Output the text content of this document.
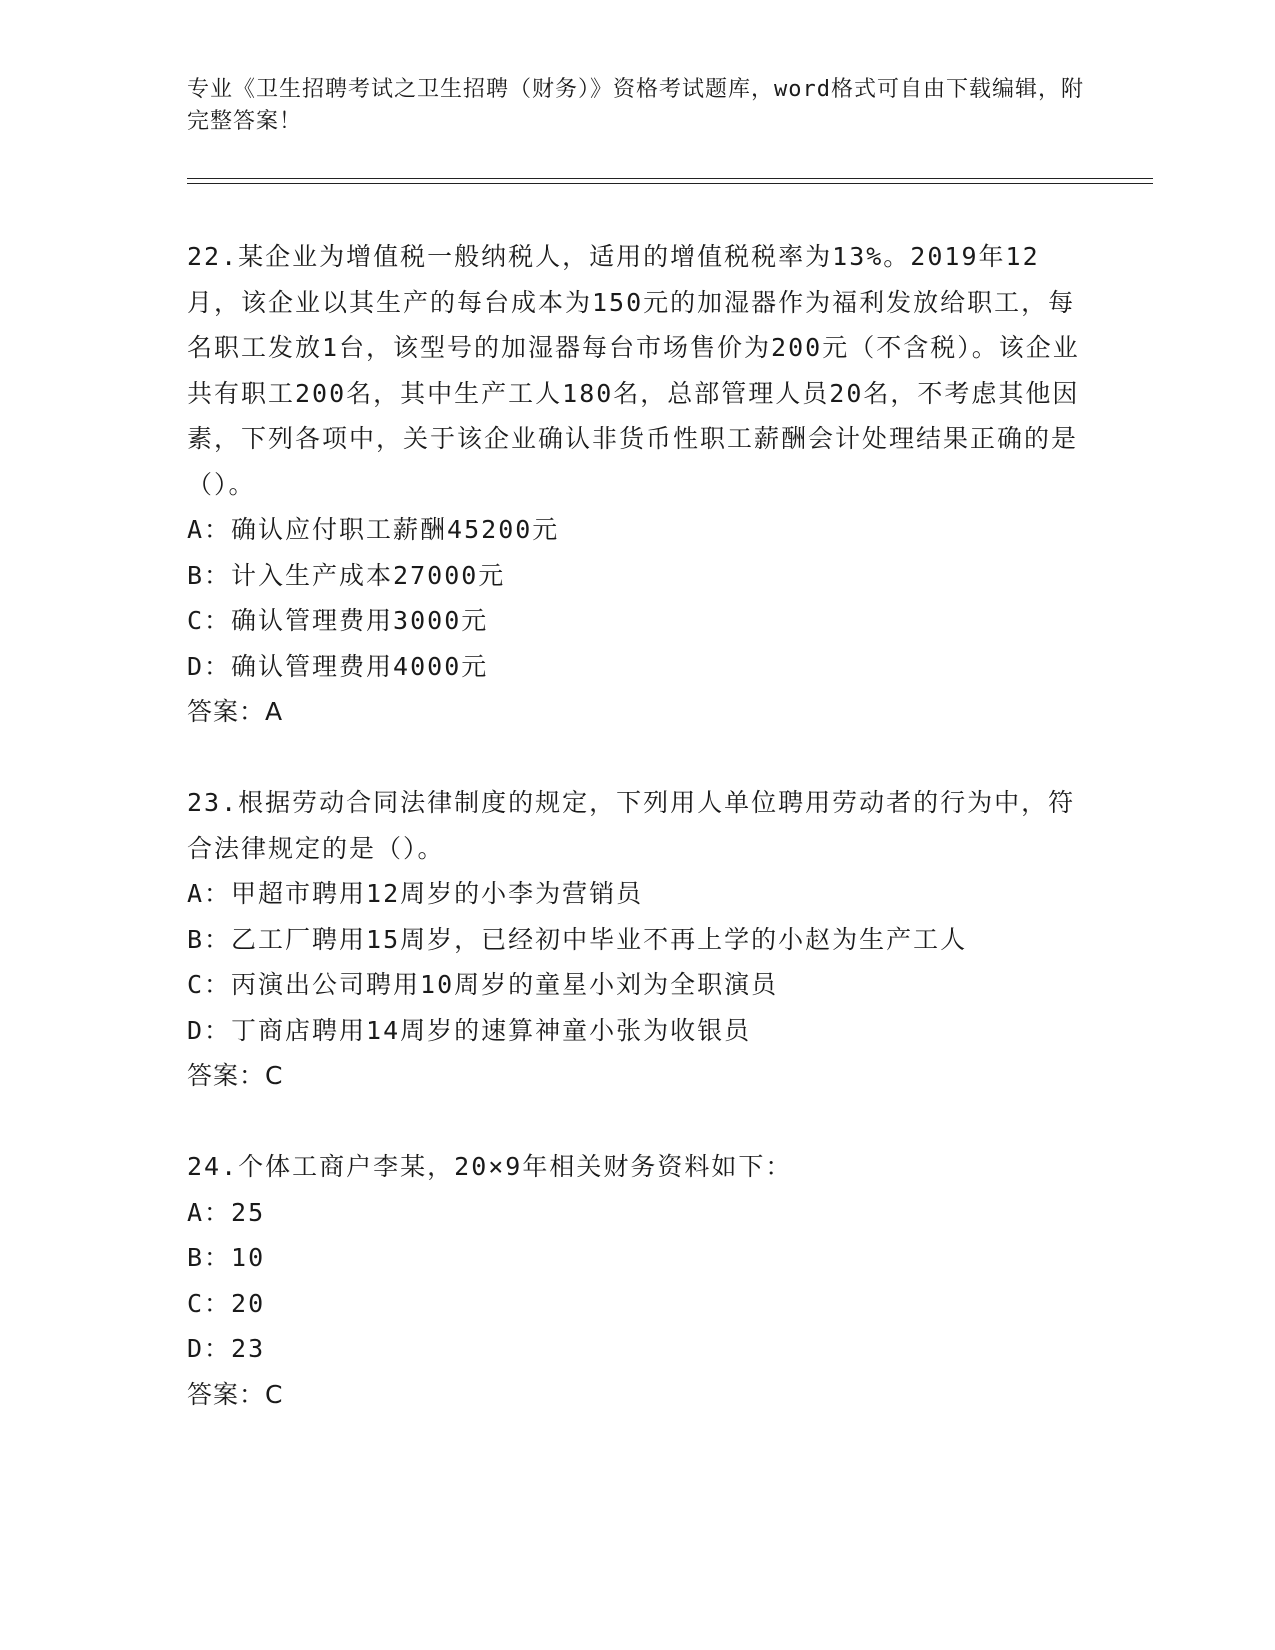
专业《卫生招聘考试之卫生招聘（财务）》资格考试题库，word格式可自由下载编辑，附完整答案！

22.某企业为增值税一般纳税人，适用的增值税税率为13%。2019年12月，该企业以其生产的每台成本为150元的加湿器作为福利发放给职工，每名职工发放1台，该型号的加湿器每台市场售价为200元（不含税）。该企业共有职工200名，其中生产工人180名，总部管理人员20名，不考虑其他因素，下列各项中，关于该企业确认非货币性职工薪酬会计处理结果正确的是（）。

A：确认应付职工薪酬45200元

B：计入生产成本27000元

C：确认管理费用3000元

D：确认管理费用4000元

答案：A

23.根据劳动合同法律制度的规定，下列用人单位聘用劳动者的行为中，符合法律规定的是（）。

A：甲超市聘用12周岁的小李为营销员

B：乙工厂聘用15周岁，已经初中毕业不再上学的小赵为生产工人

C：丙演出公司聘用10周岁的童星小刘为全职演员

D：丁商店聘用14周岁的速算神童小张为收银员

答案：C

24.个体工商户李某，20×9年相关财务资料如下：

A：25

B：10

C：20

D：23

答案：C
